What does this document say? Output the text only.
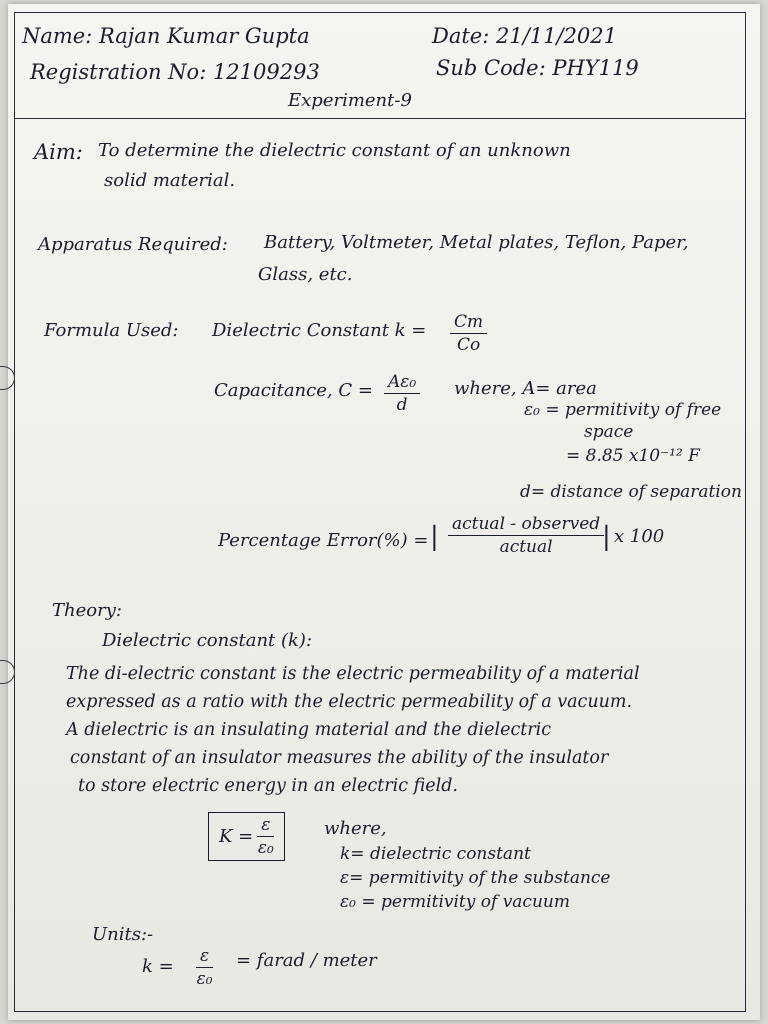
Name: Rajan Kumar Gupta
Registration No: 12109293
Date: 21/11/2021
Sub Code: PHY119
Experiment-9
Aim: To determine the dielectric constant of an unknown
solid material.
Apparatus Required: Battery, Voltmeter, Metal plates, Teflon, Paper,
Glass, etc.
Formula Used: Dielectric Constant $k = \frac{Cm}{Co}$
Capacitance, $C = \frac{\text{Aε₀}}{d}$ where, A= area
ε₀ = permitivity of free
space
= 8.85 x10⁻¹² F
d= distance of separation
Percentage Error(%) = | actual - observed
actual | x 100
Theory:
Dielectric constant (k):
The di-electric constant is the electric permeability of a material
expressed as a ratio with the electric permeability of a vacuum.
A dielectric is an insulating material and the dielectric
constant of an insulator measures the ability of the insulator
to store electric energy in an electric field.
$K = \frac{\varepsilon}{\text{ε₀}}$	where,
k= dielectric constant
ε= permitivity of the substance
ε₀ = permitivity of vacuum
Units:-
$k = \frac{\varepsilon}{\text{ε₀}}$ = farad / meter
